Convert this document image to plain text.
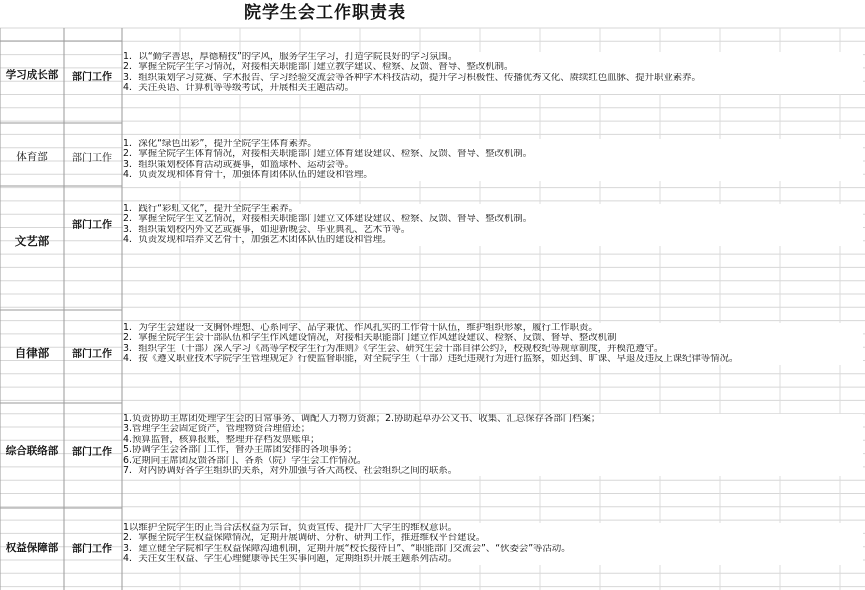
院学生会工作职责表
学习成长部	部门工作
1．以“勤学善思，厚德精技”的学风，服务学生学习，打造学院良好的学习氛围。
2．掌握全院学生学习情况，对接相关职能部门建立教学建议、检察、反馈、督导、整改机制。
3．组织策划学习竞赛、学术报告、学习经验交流会等各种学术科技活动，提升学习积极性、传播优秀文化、赓续红色血脉、提升职业素养。
4．关注英语、计算机等等级考试，开展相关主题活动。
体育部	部门工作
1．深化“绿色出彩”，提升全院学生体育素养。
2．掌握全院学生体育情况，对接相关职能部门建立体育建设建议、检察、反馈、督导、整改机制。
3．组织策划校体育活动或赛事，如篮球杯、运动会等。
4．负责发现和体育骨干，加强体育团体队伍的建设和管理。
文艺部
部门工作
1．践行“彩虹文化”，提升全院学生素养。
2．掌握全院学生文艺情况，对接相关职能部门建立文体建设建议、检察、反馈、督导、整改机制。
3．组织策划校内外文艺或赛事，如迎新晚会、毕业典礼、艺术节等。
4．负责发现和培养文艺骨干，加强艺术团体队伍的建设和管理。
自律部	部门工作
1．为学生会建设一支胸怀理想、心系同学、品学兼优、作风扎实的工作骨干队伍，维护组织形象，履行工作职责。
2．掌握全院学生会干部队伍和学生作风建设情况，对接相关职能部门建立作风建设建议、检察、反馈、督导、整改机制
3．组织学生（干部）深入学习《高等学校学生行为准则》《学生会、研究生会干部自律公约》，校规校纪等规章制度，并模范遵守。
4．按《遵义职业技术学院学生管理规定》行使监督职能，对全院学生（干部）违纪违规行为进行监察，如迟到、旷课、早退及违反上课纪律等情况。
综合联络部	部门工作
1.负责协助主席团处理学生会的日常事务、调配人力物力资源；2.协助起草办公文书、收集、汇总保存各部门档案；
3.管理学生会固定资产，管理物资合理借还；
4.预算监督，核算报账，整理并存档发票账单；
5.协调学生会各部门工作，督办主席团安排的各项事务；
6.定期向主席团反馈各部门、各系（院）学生会工作情况。
7．对内协调好各学生组织的关系，对外加强与各大高校、社会组织之间的联系。
权益保障部	部门工作
1以维护全院学生的正当合法权益为宗旨，负责宣传、提升广大学生的维权意识。
2．掌握全院学生权益保障情况，定期开展调研、分析、研判工作，推进维权平台建设。
3．建立健全学院和学生权益保障沟通机制，定期开展“校长接待日”、“职能部门交流会”、“伙委会”等活动。
4．关注女生权益、学生心理健康等民生实事问题，定期组织开展主题系列活动。
